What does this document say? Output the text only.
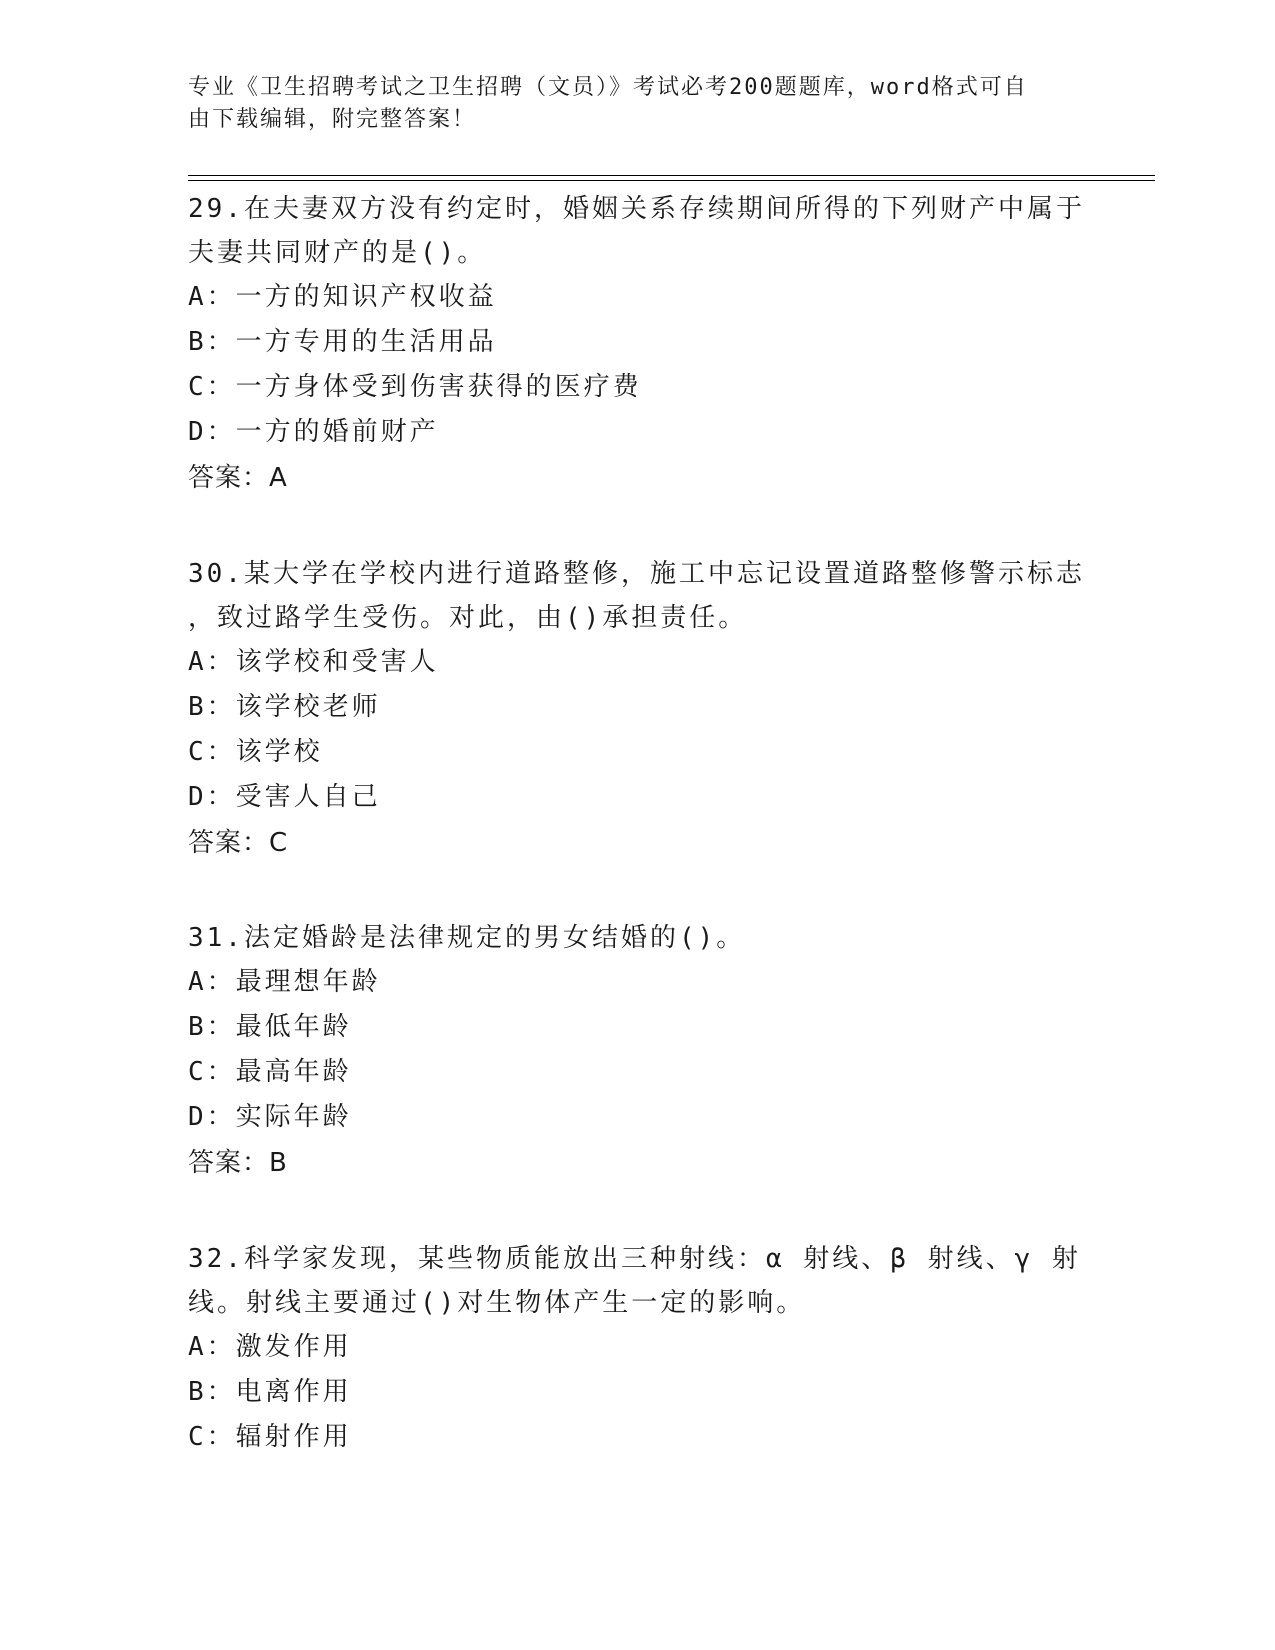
专业《卫生招聘考试之卫生招聘（文员）》考试必考200题题库，word格式可自
由下载编辑，附完整答案！

29.在夫妻双方没有约定时，婚姻关系存续期间所得的下列财产中属于

夫妻共同财产的是()。

A：一方的知识产权收益

B：一方专用的生活用品

C：一方身体受到伤害获得的医疗费

D：一方的婚前财产

答案：A

30.某大学在学校内进行道路整修，施工中忘记设置道路整修警示标志

，致过路学生受伤。对此，由()承担责任。

A：该学校和受害人

B：该学校老师

C：该学校

D：受害人自己

答案：C

31.法定婚龄是法律规定的男女结婚的()。

A：最理想年龄

B：最低年龄

C：最高年龄

D：实际年龄

答案：B

32.科学家发现，某些物质能放出三种射线：α 射线、β 射线、γ 射

线。射线主要通过()对生物体产生一定的影响。

A：激发作用

B：电离作用

C：辐射作用
